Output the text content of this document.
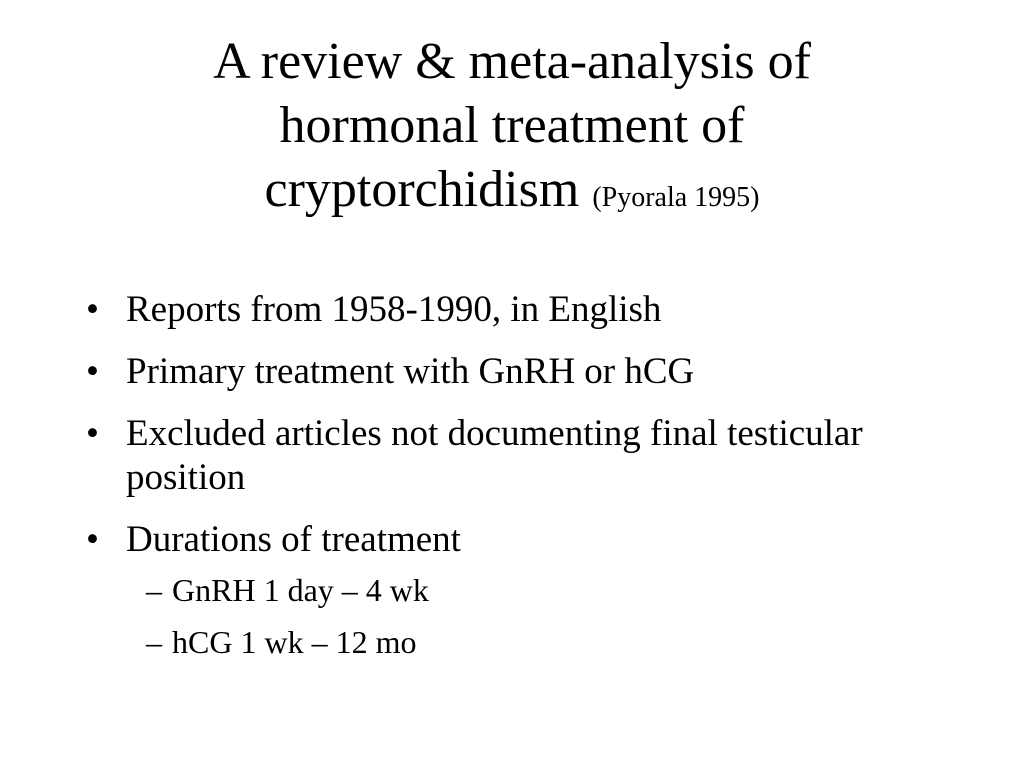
A review & meta-analysis of
hormonal treatment of
cryptorchidism (Pyorala 1995)
• Reports from 1958-1990, in English
• Primary treatment with GnRH or hCG
• Excluded articles not documenting final testicular position
• Durations of treatment
– GnRH 1 day – 4 wk
– hCG 1 wk – 12 mo
